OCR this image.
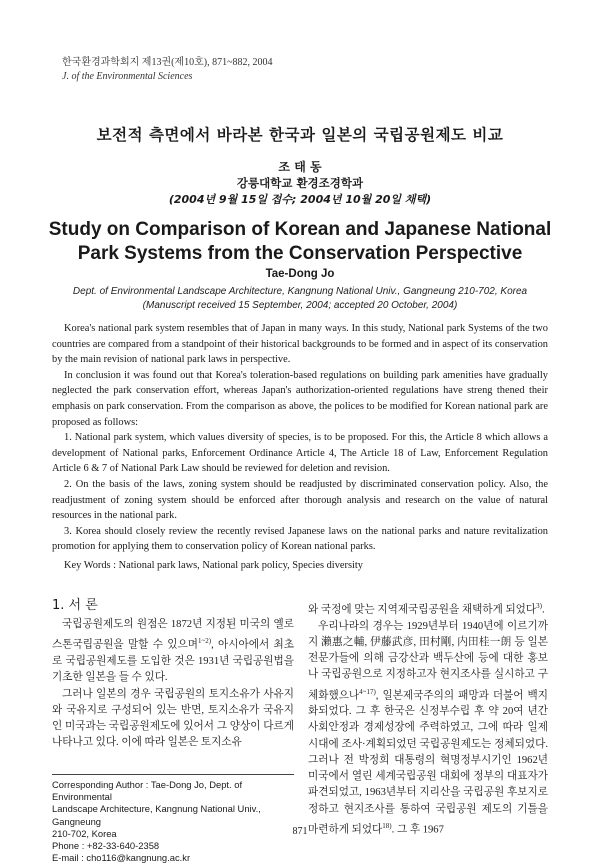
한국환경과학회지 제13권(제10호), 871~882, 2004
J. of the Environmental Sciences
보전적 측면에서 바라본 한국과 일본의 국립공원제도 비교
조 태 동
강릉대학교 환경조경학과
(2004년 9월 15일 접수; 2004년 10월 20일 채택)
Study on Comparison of Korean and Japanese National
Park Systems from the Conservation Perspective
Tae-Dong Jo
Dept. of Environmental Landscape Architecture, Kangnung National Univ., Gangneung 210-702, Korea
(Manuscript received 15 September, 2004; accepted 20 October, 2004)

Korea's national park system resembles that of Japan in many ways. In this study, National park Systems of the two countries are compared from a standpoint of their historical backgrounds to be formed and in aspect of its conservation by the main revision of national park laws in perspective.

In conclusion it was found out that Korea's toleration-based regulations on building park amenities have gradually neglected the park conservation effort, whereas Japan's authorization-oriented regulations have streng thened their emphasis on park conservation. From the comparison as above, the polices to be modified for Korean national park are proposed as follows:

1. National park system, which values diversity of species, is to be proposed. For this, the Article 8 which allows a development of National parks, Enforcement Ordinance Article 4, The Article 18 of Law, Enforcement Regulation Article 6 & 7 of National Park Law should be reviewed for deletion and revision.

2. On the basis of the laws, zoning system should be readjusted by discriminated conservation policy. Also, the readjustment of zoning system should be enforced after thorough analysis and research on the value of natural resources in the national park.

3. Korea should closely review the recently revised Japanese laws on the national parks and nature revitalization promotion for applying them to conservation policy of Korean national parks.

Key Words : National park laws, National park policy, Species diversity
1. 서 론

국립공원제도의 원점은 1872년 지정된 미국의 옐로스톤국립공원을 말할 수 있으며$^{1\sim 2)}$, 아시아에서 최초로 국립공원제도를 도입한 것은 1931년 국립공원법을 기초한 일본을 들 수 있다.

그러나 일본의 경우 국립공원의 토지소유가 사유지와 국유지로 구성되어 있는 반면, 토지소유가 국유지인 미국과는 국립공원제도에 있어서 그 양상이 다르게 나타나고 있다. 이에 따라 일본은 토지소유

와 국정에 맞는 지역제국립공원을 채택하게 되었다$^{3)}$.

우리나라의 경우는 1929년부터 1940년에 이르기까지 瀨惠之輔, 伊藤武彦, 田村剛, 内田桂一朗 등 일본 전문가들에 의해 금강산과 백두산에 등에 대한 홍보나 국립공원으로 지정하고자 현지조사를 실시하고 구체화했으나$^{4\sim 17)}$, 일본제국주의의 패망과 더불어 백지화되었다. 그 후 한국은 신정부수립 후 약 20여 년간 사회안정과 경제성장에 주력하였고, 그에 따라 일제시대에 조사·계획되었던 국립공원제도는 정체되었다. 그러나 전 박정희 대통령의 혁명정부시기인 1962년 미국에서 열린 세계국립공원 대회에 정부의 대표자가 파견되었고, 1963년부터 지리산을 국립공원 후보지로 정하고 현지조사를 통하여 국립공원 제도의 기틀을 마련하게 되었다$^{18)}$. 그 후 1967

Corresponding Author : Tae-Dong Jo, Dept. of Environmental
Landscape Architecture, Kangnung National Univ., Gangneung
210-702, Korea
Phone : +82-33-640-2358
E-mail : cho116@kangnung.ac.kr
871
